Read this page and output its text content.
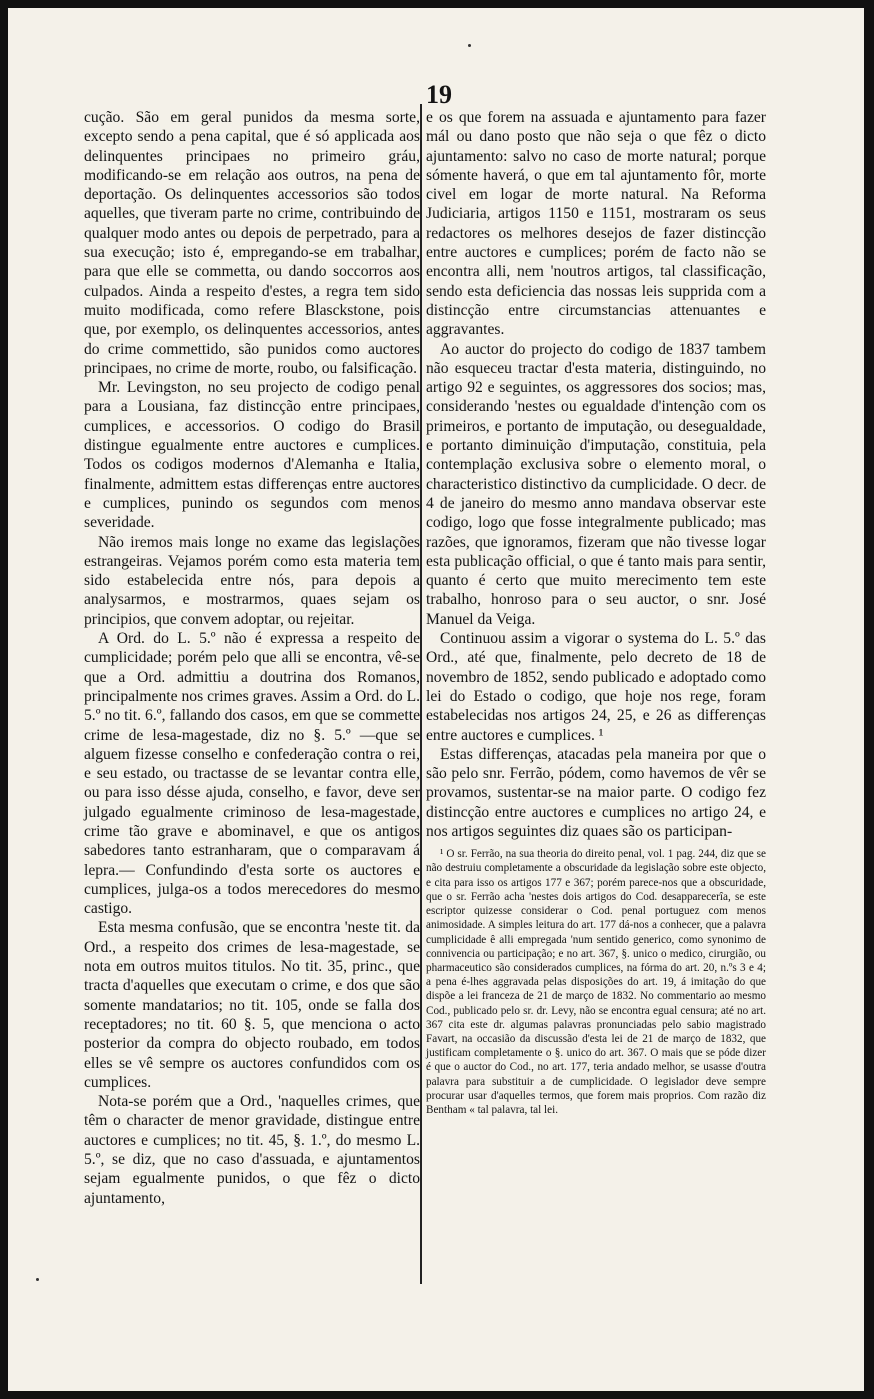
19

cução. São em geral punidos da mesma sorte, excepto sendo a pena capital, que é só applicada aos delinquentes principaes no primeiro gráu, modificando-se em relação aos outros, na pena de deportação. Os delinquentes accessorios são todos aquelles, que tiveram parte no crime, contribuindo de qualquer modo antes ou depois de perpetrado, para a sua execução; isto é, empregando-se em trabalhar, para que elle se commetta, ou dando soccorros aos culpados. Ainda a respeito d'estes, a regra tem sido muito modificada, como refere Blasckstone, pois que, por exemplo, os delinquentes accessorios, antes do crime commettido, são punidos como auctores principaes, no crime de morte, roubo, ou falsificação.

Mr. Levingston, no seu projecto de codigo penal para a Lousiana, faz distincção entre principaes, cumplices, e accessorios. O codigo do Brasil distingue egualmente entre auctores e cumplices. Todos os codigos modernos d'Alemanha e Italia, finalmente, admittem estas differenças entre auctores e cumplices, punindo os segundos com menos severidade.

Não iremos mais longe no exame das legislações estrangeiras. Vejamos porém como esta materia tem sido estabelecida entre nós, para depois a analysarmos, e mostrarmos, quaes sejam os principios, que convem adoptar, ou rejeitar.

A Ord. do L. 5.º não é expressa a respeito de cumplicidade; porém pelo que alli se encontra, vê-se que a Ord. admittiu a doutrina dos Romanos, principalmente nos crimes graves. Assim a Ord. do L. 5.º no tit. 6.º, fallando dos casos, em que se commette crime de lesa-magestade, diz no §. 5.º —que se alguem fizesse conselho e confederação contra o rei, e seu estado, ou tractasse de se levantar contra elle, ou para isso désse ajuda, conselho, e favor, deve ser julgado egualmente criminoso de lesa-magestade, crime tão grave e abominavel, e que os antigos sabedores tanto estranharam, que o comparavam á lepra.— Confundindo d'esta sorte os auctores e cumplices, julga-os a todos merecedores do mesmo castigo.

Esta mesma confusão, que se encontra 'neste tit. da Ord., a respeito dos crimes de lesa-magestade, se nota em outros muitos titulos. No tit. 35, princ., que tracta d'aquelles que executam o crime, e dos que são somente mandatarios; no tit. 105, onde se falla dos receptadores; no tit. 60 §. 5, que menciona o acto posterior da compra do objecto roubado, em todos elles se vê sempre os auctores confundidos com os cumplices.

Nota-se porém que a Ord., 'naquelles crimes, que têm o character de menor gravidade, distingue entre auctores e cumplices; no tit. 45, §. 1.º, do mesmo L. 5.º, se diz, que no caso d'assuada, e ajuntamentos sejam egualmente punidos, o que fêz o dicto ajuntamento,

e os que forem na assuada e ajuntamento para fazer mál ou dano posto que não seja o que fêz o dicto ajuntamento: salvo no caso de morte natural; porque sómente haverá, o que em tal ajuntamento fôr, morte civel em logar de morte natural. Na Reforma Judiciaria, artigos 1150 e 1151, mostraram os seus redactores os melhores desejos de fazer distincção entre auctores e cumplices; porém de facto não se encontra alli, nem 'noutros artigos, tal classificação, sendo esta deficiencia das nossas leis supprida com a distincção entre circumstancias attenuantes e aggravantes.

Ao auctor do projecto do codigo de 1837 tambem não esqueceu tractar d'esta materia, distinguindo, no artigo 92 e seguintes, os aggressores dos socios; mas, considerando 'nestes ou egualdade d'intenção com os primeiros, e portanto de imputação, ou desegualdade, e portanto diminuição d'imputação, constituia, pela contemplação exclusiva sobre o elemento moral, o characteristico distinctivo da cumplicidade. O decr. de 4 de janeiro do mesmo anno mandava observar este codigo, logo que fosse integralmente publicado; mas razões, que ignoramos, fizeram que não tivesse logar esta publicação official, o que é tanto mais para sentir, quanto é certo que muito merecimento tem este trabalho, honroso para o seu auctor, o snr. José Manuel da Veiga.

Continuou assim a vigorar o systema do L. 5.º das Ord., até que, finalmente, pelo decreto de 18 de novembro de 1852, sendo publicado e adoptado como lei do Estado o codigo, que hoje nos rege, foram estabelecidas nos artigos 24, 25, e 26 as differenças entre auctores e cumplices. ¹

Estas differenças, atacadas pela maneira por que o são pelo snr. Ferrão, pódem, como havemos de vêr se provamos, sustentar-se na maior parte. O codigo fez distincção entre auctores e cumplices no artigo 24, e nos artigos seguintes diz quaes são os participan-

¹ O sr. Ferrão, na sua theoria do direito penal, vol. 1 pag. 244, diz que se não destruiu completamente a obscuridade da legislação sobre este objecto, e cita para isso os artigos 177 e 367; porém parece-nos que a obscuridade, que o sr. Ferrão acha 'nestes dois artigos do Cod. desapparecerîa, se este escriptor quizesse considerar o Cod. penal portuguez com menos animosidade. A simples leitura do art. 177 dá-nos a conhecer, que a palavra cumplicidade ê alli empregada 'num sentido generico, como synonimo de connivencia ou participação; e no art. 367, §. unico o medico, cirurgião, ou pharmaceutico são considerados cumplices, na fórma do art. 20, n.ºs 3 e 4; a pena é-lhes aggravada pelas disposições do art. 19, á imitação do que dispõe a lei franceza de 21 de março de 1832. No commentario ao mesmo Cod., publicado pelo sr. dr. Levy, não se encontra egual censura; até no art. 367 cita este dr. algumas palavras pronunciadas pelo sabio magistrado Favart, na occasião da discussão d'esta lei de 21 de março de 1832, que justificam completamente o §. unico do art. 367. O mais que se póde dizer é que o auctor do Cod., no art. 177, teria andado melhor, se usasse d'outra palavra para substituir a de cumplicidade. O legislador deve sempre procurar usar d'aquelles termos, que forem mais proprios. Com razão diz Bentham « tal palavra, tal lei.
